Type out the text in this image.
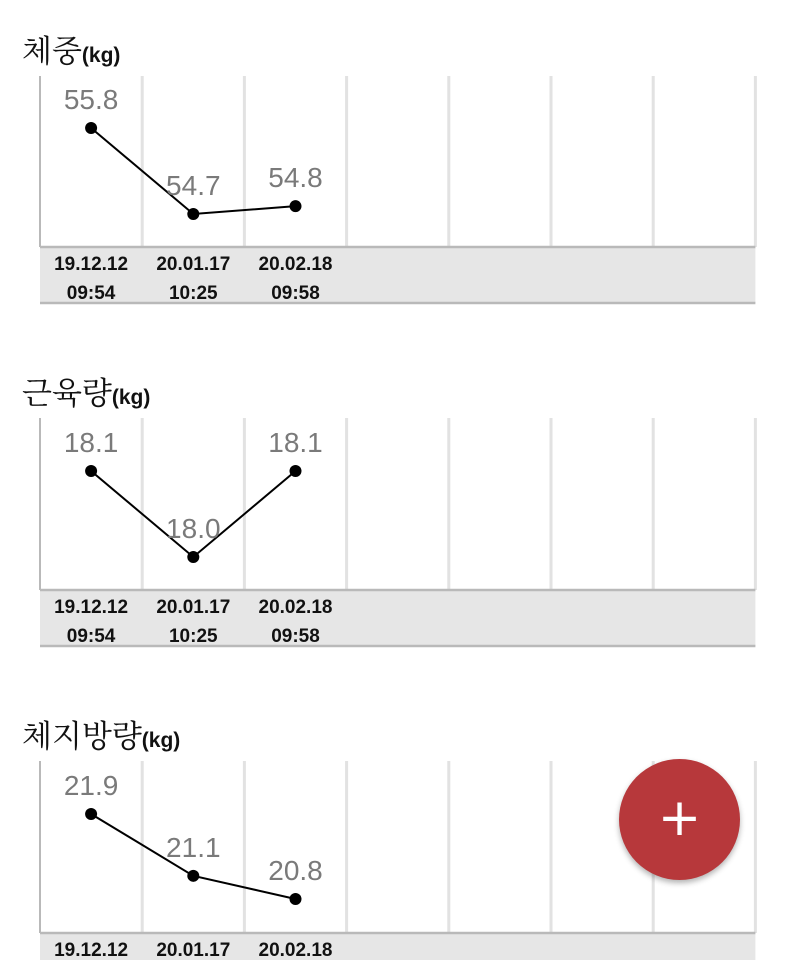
체중(kg)
55.8
54.7 54.8
19.12.12
09:54
20.01.17
10:25
20.02.18
09:58
근육량(kg)
18.1
18.0
18.1
19.12.12
09:54
20.01.17
10:25
20.02.18
09:58
체지방량(kg)
21.9
21.1
20.8
19.12.12 20.01.17 20.02.18
+
